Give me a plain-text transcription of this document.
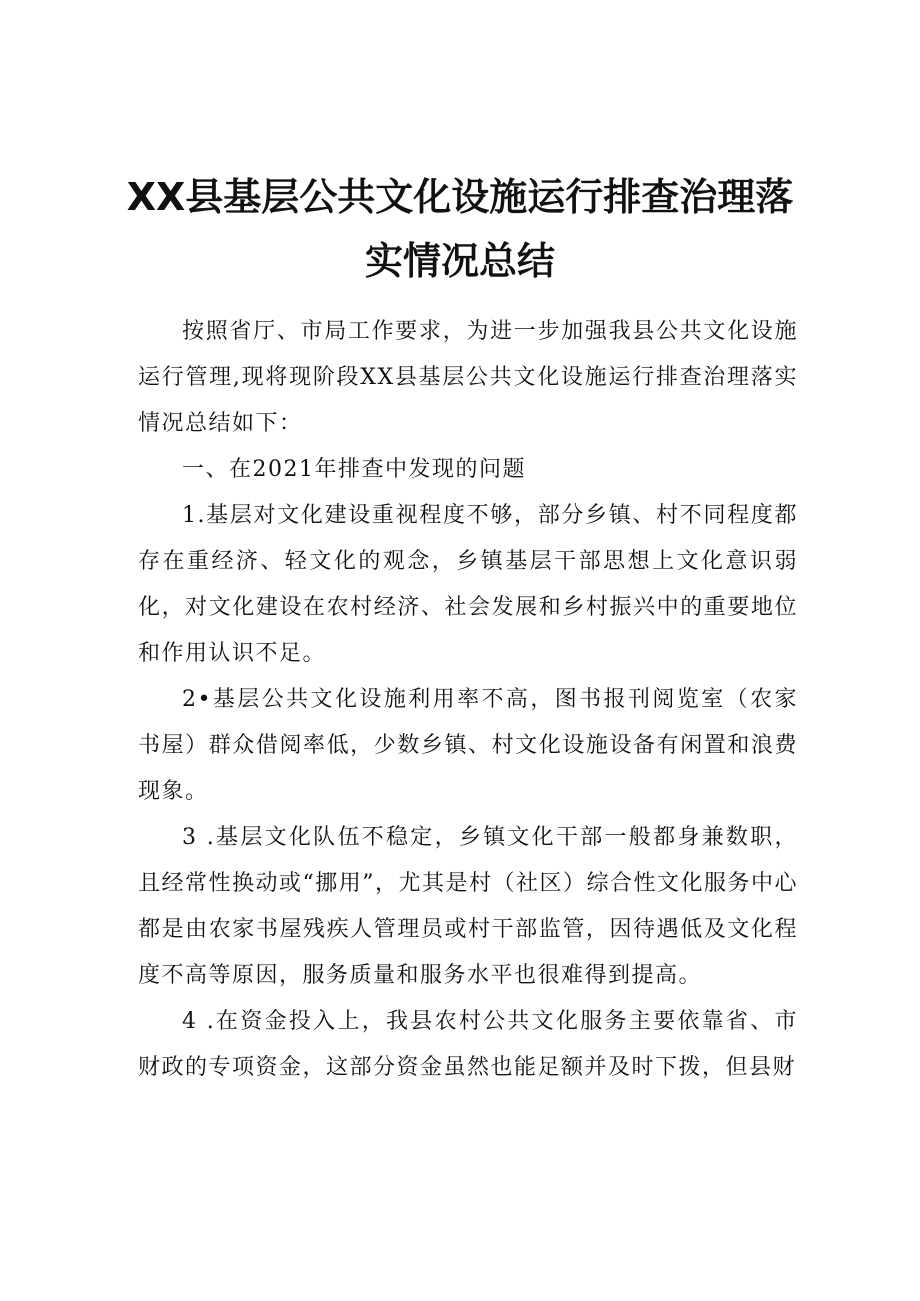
XX县基层公共文化设施运行排查治理落
实情况总结

按照省厅、市局工作要求，为进一步加强我县公共文化设施运行管理,现将现阶段XX县基层公共文化设施运行排查治理落实情况总结如下：

一、在2021年排查中发现的问题

1.基层对文化建设重视程度不够，部分乡镇、村不同程度都存在重经济、轻文化的观念，乡镇基层干部思想上文化意识弱化，对文化建设在农村经济、社会发展和乡村振兴中的重要地位和作用认识不足。

2•基层公共文化设施利用率不高，图书报刊阅览室（农家书屋）群众借阅率低，少数乡镇、村文化设施设备有闲置和浪费现象。

3 .基层文化队伍不稳定，乡镇文化干部一般都身兼数职，且经常性换动或“挪用”，尤其是村（社区）综合性文化服务中心都是由农家书屋残疾人管理员或村干部监管，因待遇低及文化程度不高等原因，服务质量和服务水平也很难得到提高。

4 .在资金投入上，我县农村公共文化服务主要依靠省、市财政的专项资金，这部分资金虽然也能足额并及时下拨，但县财
